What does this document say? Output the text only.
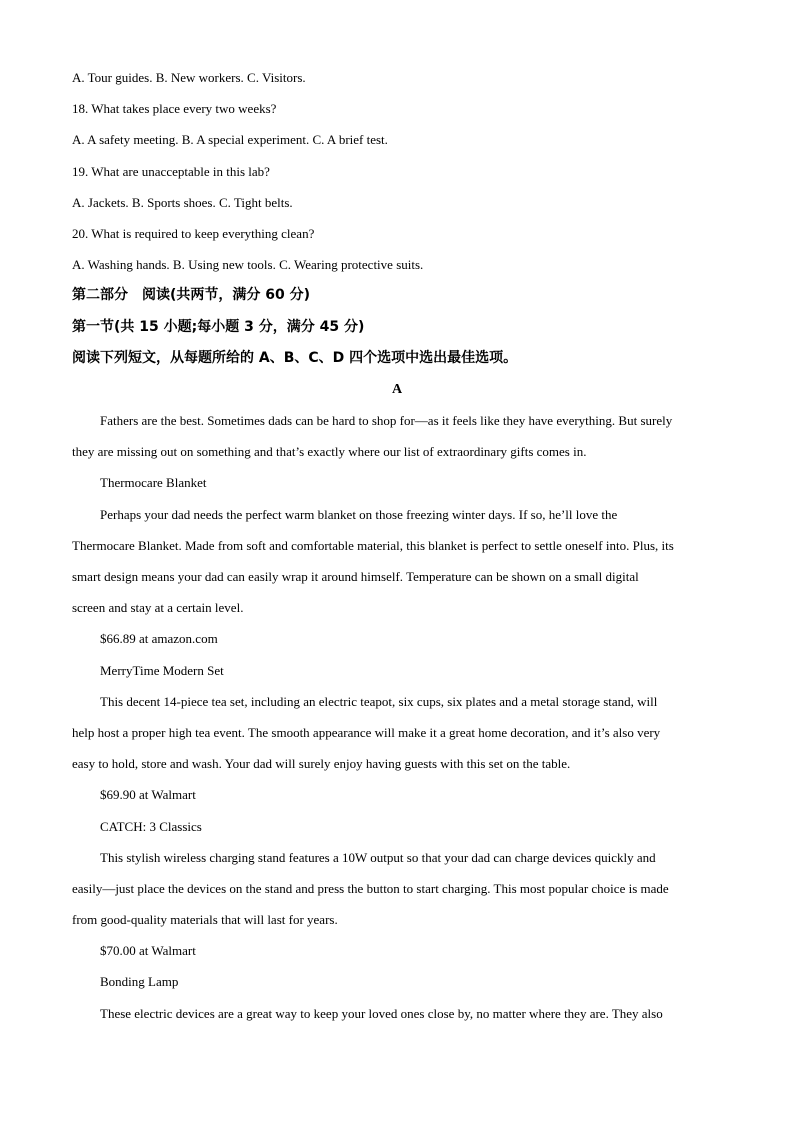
A. Tour guides. B. New workers. C. Visitors.
18. What takes place every two weeks?
A. A safety meeting. B. A special experiment. C. A brief test.
19. What are unacceptable in this lab?
A. Jackets. B. Sports shoes. C. Tight belts.
20. What is required to keep everything clean?
A. Washing hands. B. Using new tools. C. Wearing protective suits.
第二部分　阅读(共两节，满分 60 分)
第一节(共 15 小题;每小题 3 分，满分 45 分)
阅读下列短文，从每题所给的 A、B、C、D 四个选项中选出最佳选项。
A
Fathers are the best. Sometimes dads can be hard to shop for—as it feels like they have everything. But surely
they are missing out on something and that’s exactly where our list of extraordinary gifts comes in.
Thermocare Blanket
Perhaps your dad needs the perfect warm blanket on those freezing winter days. If so, he’ll love the
Thermocare Blanket. Made from soft and comfortable material, this blanket is perfect to settle oneself into. Plus, its
smart design means your dad can easily wrap it around himself. Temperature can be shown on a small digital
screen and stay at a certain level.
$66.89 at amazon.com
MerryTime Modern Set
This decent 14-piece tea set, including an electric teapot, six cups, six plates and a metal storage stand, will
help host a proper high tea event. The smooth appearance will make it a great home decoration, and it’s also very
easy to hold, store and wash. Your dad will surely enjoy having guests with this set on the table.
$69.90 at Walmart
CATCH: 3 Classics
This stylish wireless charging stand features a 10W output so that your dad can charge devices quickly and
easily—just place the devices on the stand and press the button to start charging. This most popular choice is made
from good-quality materials that will last for years.
$70.00 at Walmart
Bonding Lamp
These electric devices are a great way to keep your loved ones close by, no matter where they are. They also
